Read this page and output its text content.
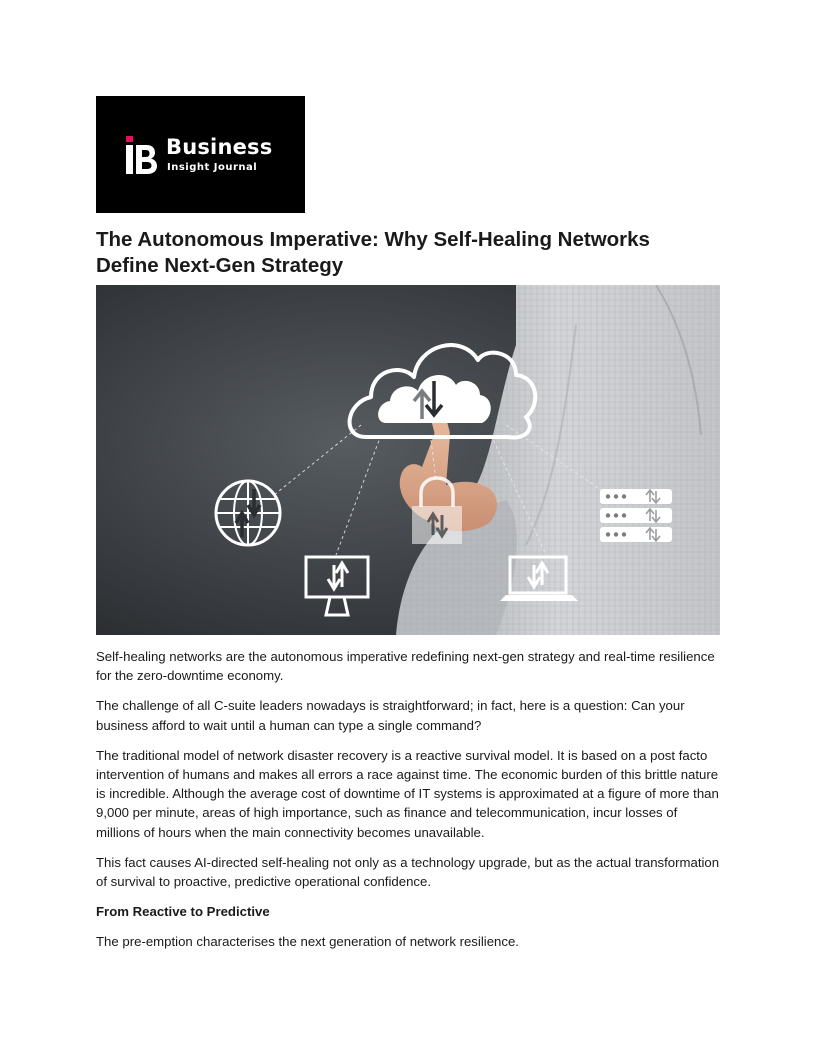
Business
Insight Journal
The Autonomous Imperative: Why Self-Healing Networks
Define Next-Gen Strategy

Self-healing networks are the autonomous imperative redefining next-gen strategy and real-time resilience for the zero-downtime economy.

The challenge of all C-suite leaders nowadays is straightforward; in fact, here is a question: Can your business afford to wait until a human can type a single command?

The traditional model of network disaster recovery is a reactive survival model. It is based on a post facto intervention of humans and makes all errors a race against time. The economic burden of this brittle nature is incredible. Although the average cost of downtime of IT systems is approximated at a figure of more than 9,000 per minute, areas of high importance, such as finance and telecommunication, incur losses of millions of hours when the main connectivity becomes unavailable.

This fact causes AI-directed self-healing not only as a technology upgrade, but as the actual transformation of survival to proactive, predictive operational confidence.

From Reactive to Predictive

The pre-emption characterises the next generation of network resilience.
